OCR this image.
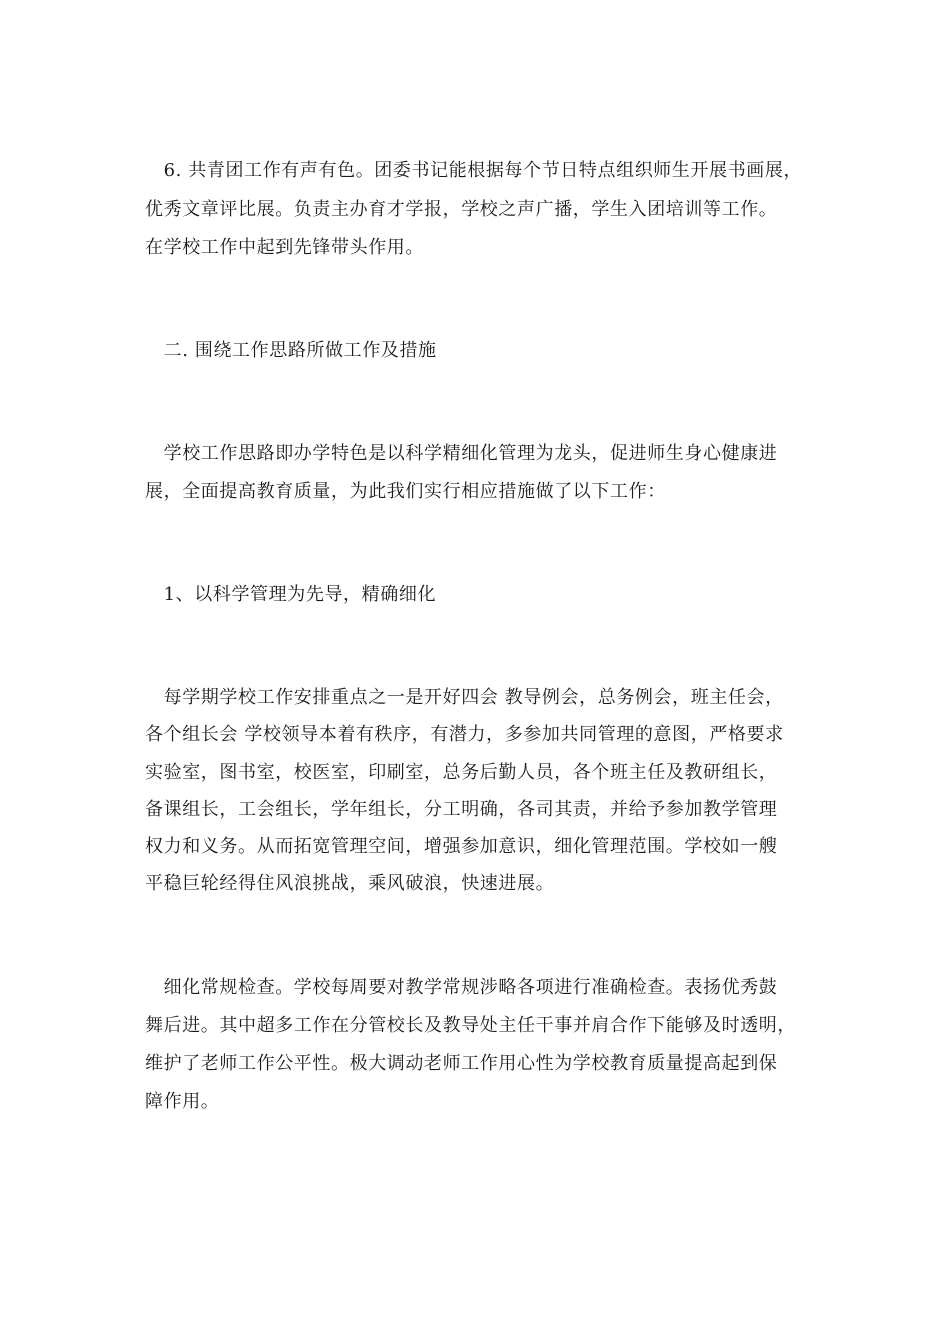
　6. 共青团工作有声有色。团委书记能根据每个节日特点组织师生开展书画展，
优秀文章评比展。负责主办育才学报，学校之声广播，学生入团培训等工作。
在学校工作中起到先锋带头作用。
　二. 围绕工作思路所做工作及措施
　学校工作思路即办学特色是以科学精细化管理为龙头，促进师生身心健康进
展，全面提高教育质量，为此我们实行相应措施做了以下工作：
　1、以科学管理为先导，精确细化
　每学期学校工作安排重点之一是开好四会 教导例会，总务例会，班主任会，
各个组长会 学校领导本着有秩序，有潜力，多参加共同管理的意图，严格要求
实验室，图书室，校医室，印刷室，总务后勤人员，各个班主任及教研组长，
备课组长，工会组长，学年组长，分工明确，各司其责，并给予参加教学管理
权力和义务。从而拓宽管理空间，增强参加意识，细化管理范围。学校如一艘
平稳巨轮经得住风浪挑战，乘风破浪，快速进展。
　细化常规检查。学校每周要对教学常规涉略各项进行准确检查。表扬优秀鼓
舞后进。其中超多工作在分管校长及教导处主任干事并肩合作下能够及时透明，
维护了老师工作公平性。极大调动老师工作用心性为学校教育质量提高起到保
障作用。
